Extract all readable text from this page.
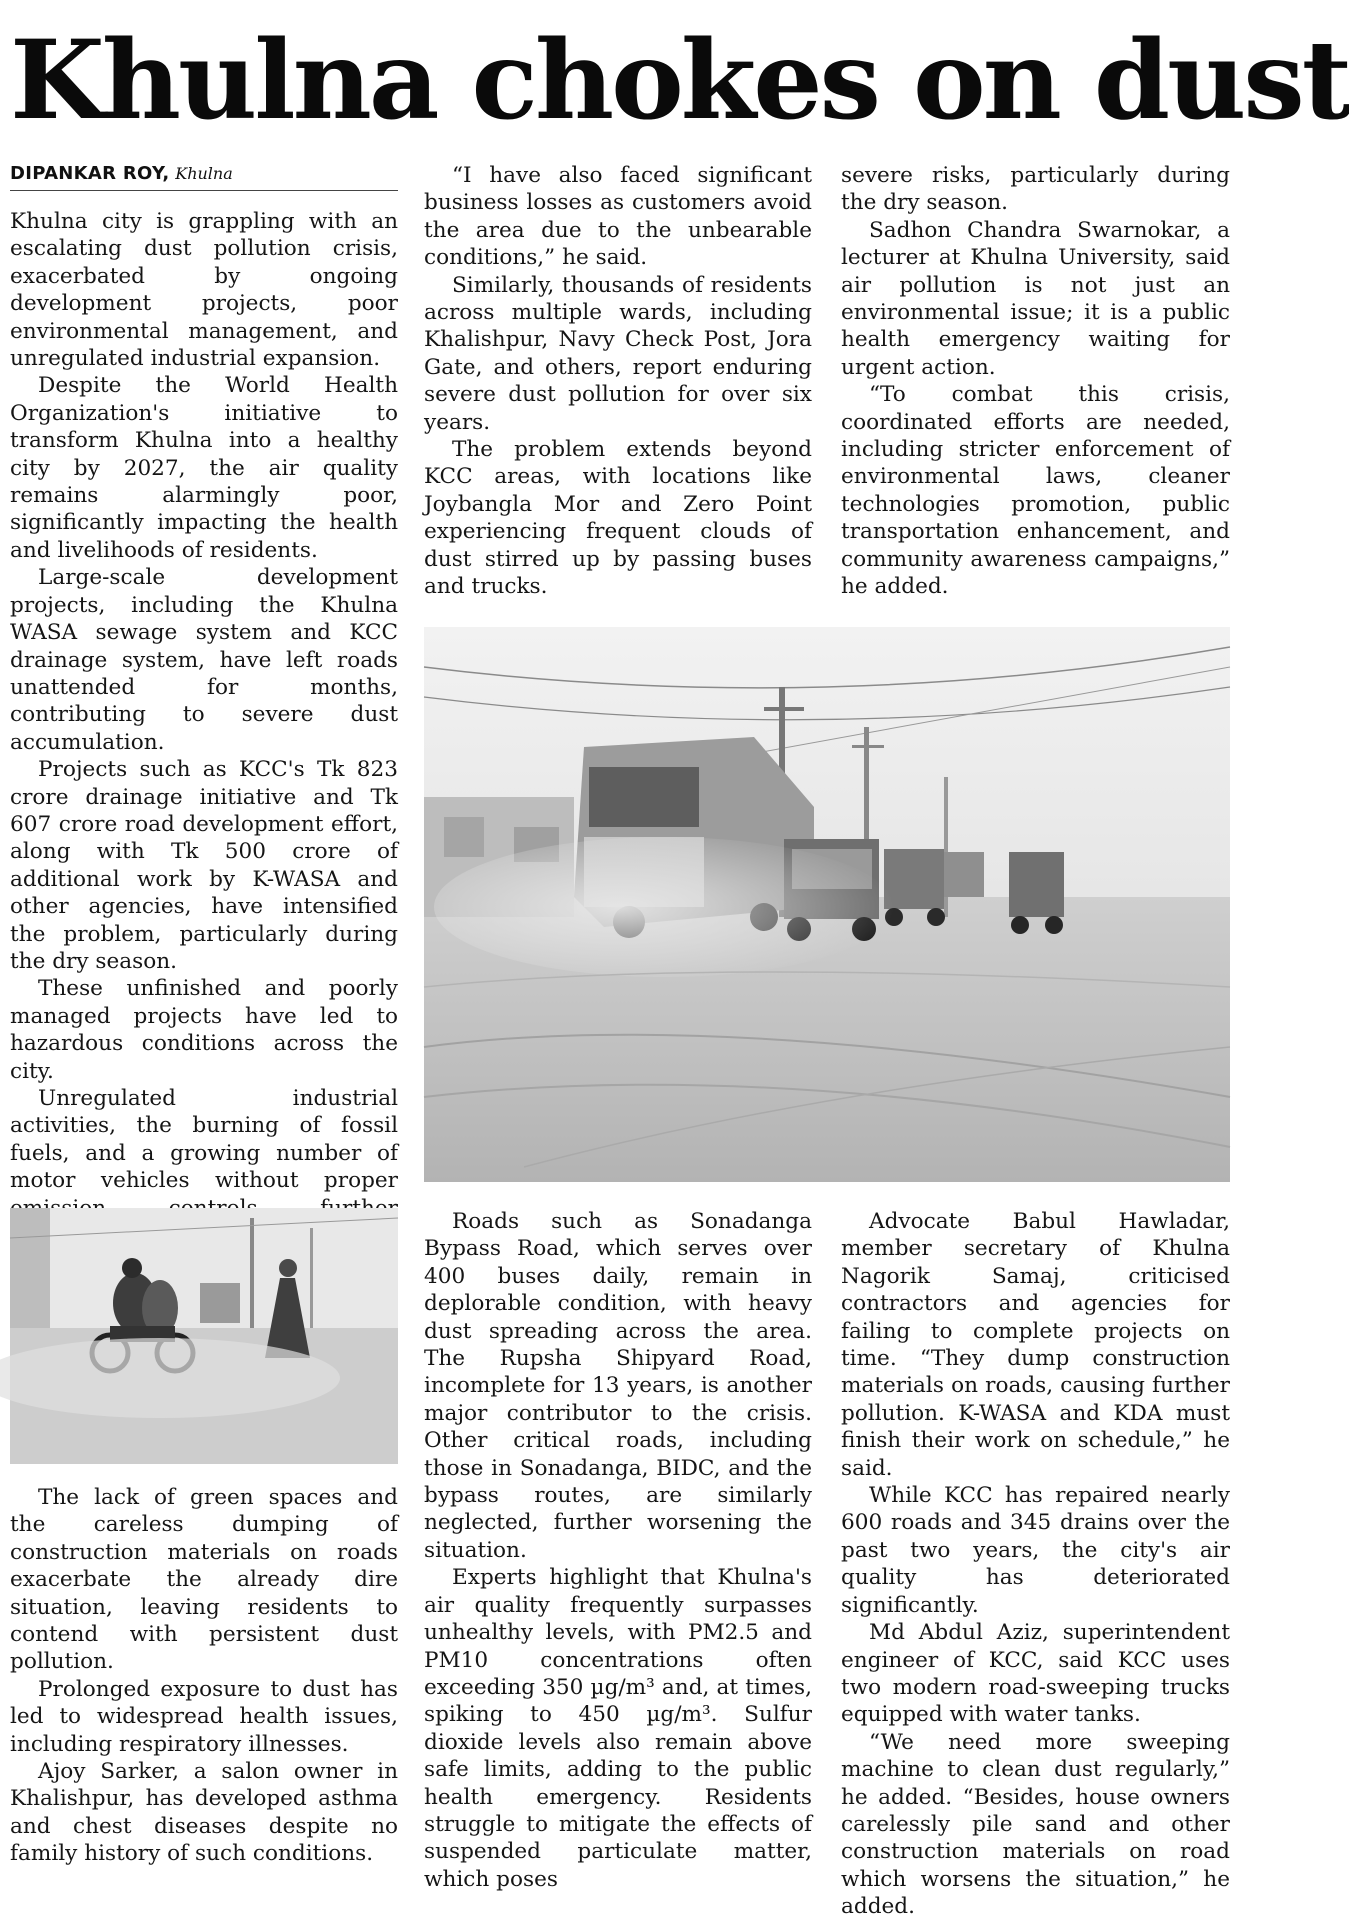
Khulna chokes on dust
DIPANKAR ROY, Khulna

Khulna city is grappling with an escalating dust pollution crisis, exacerbated by ongoing development projects, poor environmental management, and unregulated industrial expansion.

Despite the World Health Organization's initiative to transform Khulna into a healthy city by 2027, the air quality remains alarmingly poor, significantly impacting the health and livelihoods of residents.

Large-scale development projects, including the Khulna WASA sewage system and KCC drainage system, have left roads unattended for months, contributing to severe dust accumulation.

Projects such as KCC's Tk 823 crore drainage initiative and Tk 607 crore road development effort, along with Tk 500 crore of additional work by K-WASA and other agencies, have intensified the problem, particularly during the dry season.

These unfinished and poorly managed projects have led to hazardous conditions across the city.

Unregulated industrial activities, the burning of fossil fuels, and a growing number of motor vehicles without proper

“I have also faced significant business losses as customers avoid the area due to the unbearable conditions,” he said.

Similarly, thousands of residents across multiple wards, including Khalishpur, Navy Check Post, Jora Gate, and others, report enduring severe dust pollution for over six years.

The problem extends beyond KCC areas, with locations like Joybangla Mor and Zero Point experiencing frequent clouds of dust stirred up by passing buses and trucks.

severe risks, particularly during the dry season.

Sadhon Chandra Swarnokar, a lecturer at Khulna University, said air pollution is not just an environmental issue; it is a public health emergency waiting for urgent action.

“To combat this crisis, coordinated efforts are needed, including stricter enforcement of environmental laws, cleaner technologies promotion, public transportation enhancement, and community awareness campaigns,” he added.

The lack of green spaces and the careless dumping of construction materials on roads exacerbate the already dire situation, leaving residents to contend with persistent dust pollution.

Prolonged exposure to dust has led to widespread health issues, including respiratory illnesses.

Ajoy Sarker, a salon owner in Khalishpur, has developed asthma and chest diseases despite no family history of such conditions.

Roads such as Sonadanga Bypass Road, which serves over 400 buses daily, remain in deplorable condition, with heavy dust spreading across the area. The Rupsha Shipyard Road, incomplete for 13 years, is another major contributor to the crisis. Other critical roads, including those in Sonadanga, BIDC, and the bypass routes, are similarly neglected, further worsening the situation.

Experts highlight that Khulna's air quality frequently surpasses unhealthy levels, with PM2.5 and PM10 concentrations often exceeding 350 µg/m³ and, at times, spiking to 450 µg/m³. Sulfur dioxide levels also remain above safe limits, adding to the public health emergency. Residents struggle to mitigate the effects of suspended particulate matter, which poses

Advocate Babul Hawladar, member secretary of Khulna Nagorik Samaj, criticised contractors and agencies for failing to complete projects on time. “They dump construction materials on roads, causing further pollution. K-WASA and KDA must finish their work on schedule,” he said.

While KCC has repaired nearly 600 roads and 345 drains over the past two years, the city's air quality has deteriorated significantly.

Md Abdul Aziz, superintendent engineer of KCC, said KCC uses two modern road-sweeping trucks equipped with water tanks.

“We need more sweeping machine to clean dust regularly,” he added. “Besides, house owners carelessly pile sand and other construction materials on road which worsens the situation,” he added.
